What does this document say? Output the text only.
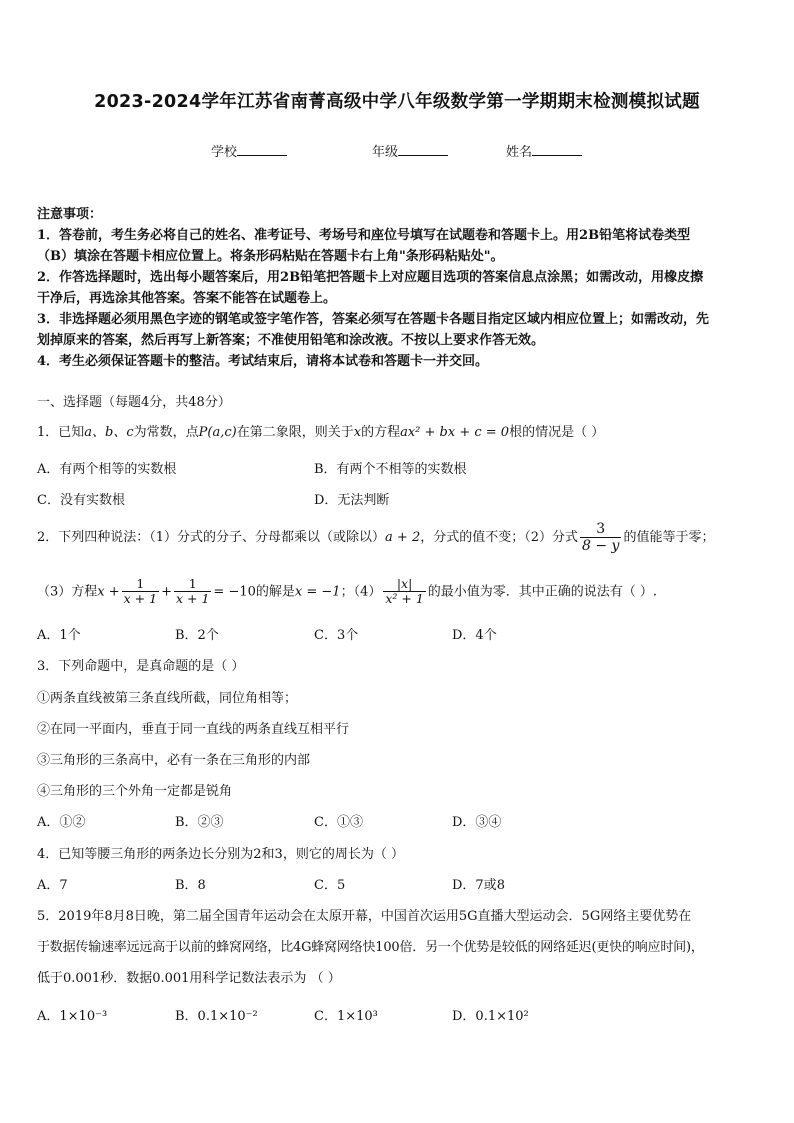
2023-2024学年江苏省南菁高级中学八年级数学第一学期期末检测模拟试题
学校	年级	姓名
注意事项：
1．答卷前，考生务必将自己的姓名、准考证号、考场号和座位号填写在试题卷和答题卡上。用2B铅笔将试卷类型
（B）填涂在答题卡相应位置上。将条形码粘贴在答题卡右上角"条形码粘贴处"。
2．作答选择题时，选出每小题答案后，用2B铅笔把答题卡上对应题目选项的答案信息点涂黑；如需改动，用橡皮擦
干净后，再选涂其他答案。答案不能答在试题卷上。
3．非选择题必须用黑色字迹的钢笔或签字笔作答，答案必须写在答题卡各题目指定区域内相应位置上；如需改动，先
划掉原来的答案，然后再写上新答案；不准使用铅笔和涂改液。不按以上要求作答无效。
4．考生必须保证答题卡的整洁。考试结束后，请将本试卷和答题卡一并交回。
一、选择题（每题4分，共48分）
1．已知a、b、c为常数，点P(a,c)在第二象限，则关于x的方程ax² + bx + c = 0根的情况是（ ）
A．有两个相等的实数根	B．有两个不相等的实数根
C．没有实数根	D．无法判断
2．下列四种说法：（1）分式的分子、分母都乘以（或除以）a + 2，分式的值不变；（2）分式 $\frac{3}{8 - y}$ 的值能等于零；
（3）方程$x + \frac{1}{x + 1} + \frac{1}{x + 1} = -10$的解是x = −1；$(4) \frac{|x|}{\text{x² + 1}}$ 的最小值为零．其中正确的说法有（ ）.
A．1个	B．2个	C．3个	D．4个
3．下列命题中，是真命题的是（ ）
①两条直线被第三条直线所截，同位角相等；
②在同一平面内，垂直于同一直线的两条直线互相平行
③三角形的三条高中，必有一条在三角形的内部
④三角形的三个外角一定都是锐角
A．①②	B．②③	C．①③	D．③④
4．已知等腰三角形的两条边长分别为2和3，则它的周长为（ ）
A．7	B．8	C．5	D．7或8
5．2019年8月8日晚，第二届全国青年运动会在太原开幕，中国首次运用5G直播大型运动会．5G网络主要优势在
于数据传输速率远远高于以前的蜂窝网络，比4G蜂窝网络快100倍．另一个优势是较低的网络延迟(更快的响应时间)，
低于0.001秒．数据0.001用科学记数法表示为 （ ）
A．1×10⁻³	B．0.1×10⁻²	C．1×10³	D．0.1×10²
